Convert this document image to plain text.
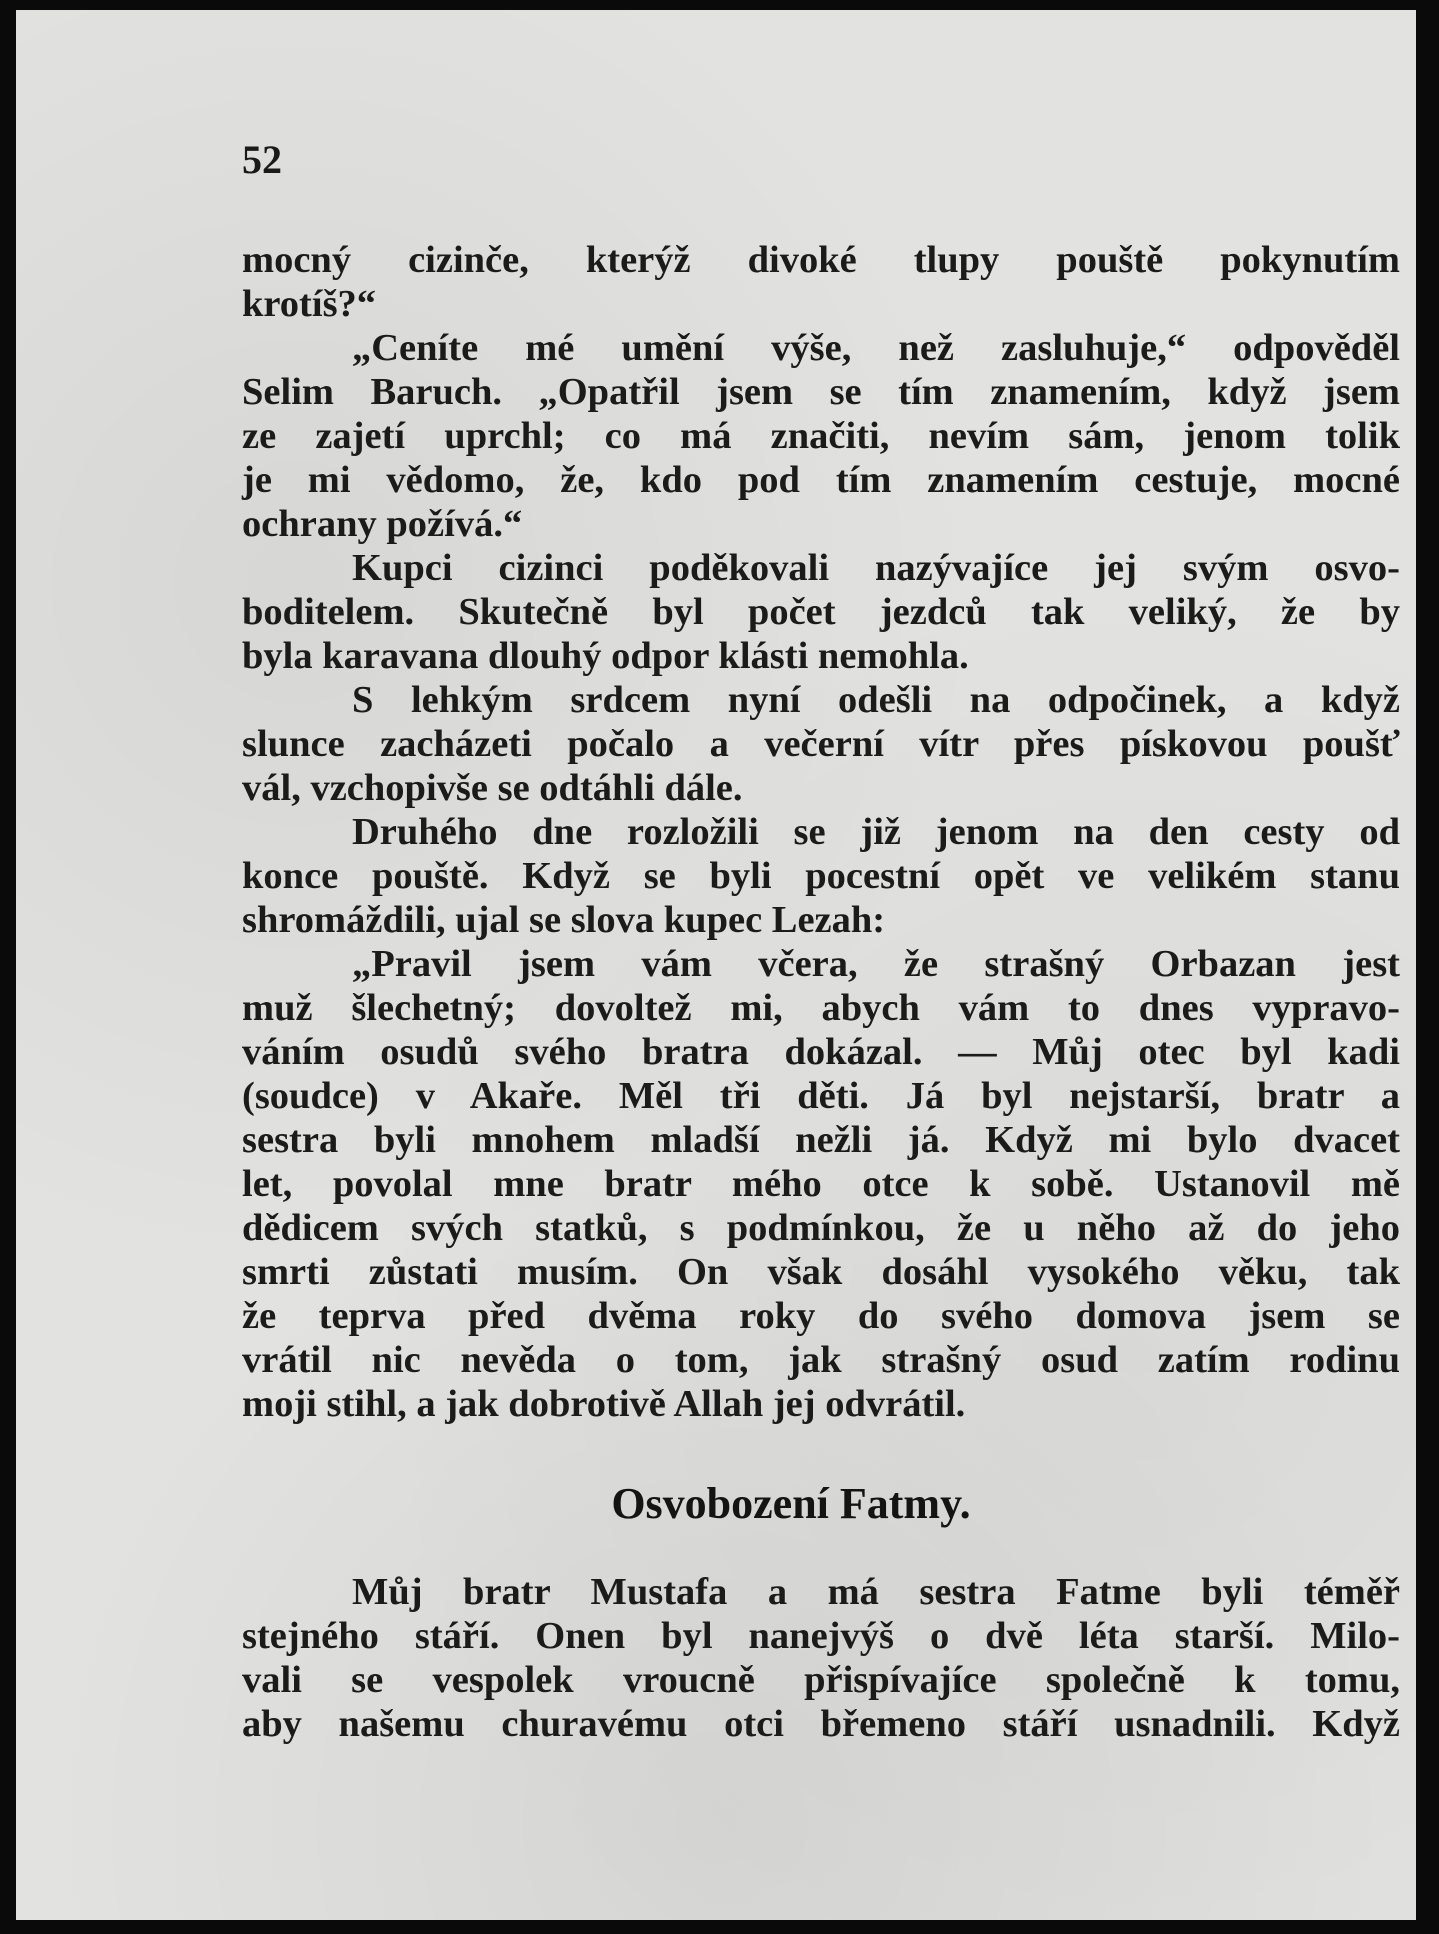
52
mocný cizinče, kterýž divoké tlupy pouště pokynutím
krotíš?“
„Ceníte mé umění výše, než zasluhuje,“ odpověděl
Selim Baruch. „Opatřil jsem se tím znamením, když jsem
ze zajetí uprchl; co má značiti, nevím sám, jenom tolik
je mi vědomo, že, kdo pod tím znamením cestuje, mocné
ochrany požívá.“
Kupci cizinci poděkovali nazývajíce jej svým osvo-
boditelem. Skutečně byl počet jezdců tak veliký, že by
byla karavana dlouhý odpor klásti nemohla.
S lehkým srdcem nyní odešli na odpočinek, a když
slunce zacházeti počalo a večerní vítr přes pískovou poušť
vál, vzchopivše se odtáhli dále.
Druhého dne rozložili se již jenom na den cesty od
konce pouště. Když se byli pocestní opět ve velikém stanu
shromáždili, ujal se slova kupec Lezah:
„Pravil jsem vám včera, že strašný Orbazan jest
muž šlechetný; dovoltež mi, abych vám to dnes vypravo-
váním osudů svého bratra dokázal. — Můj otec byl kadi
(soudce) v Akaře. Měl tři děti. Já byl nejstarší, bratr a
sestra byli mnohem mladší nežli já. Když mi bylo dvacet
let, povolal mne bratr mého otce k sobě. Ustanovil mě
dědicem svých statků, s podmínkou, že u něho až do jeho
smrti zůstati musím. On však dosáhl vysokého věku, tak
že teprva před dvěma roky do svého domova jsem se
vrátil nic nevěda o tom, jak strašný osud zatím rodinu
moji stihl, a jak dobrotivě Allah jej odvrátil.
Osvobození Fatmy.
Můj bratr Mustafa a má sestra Fatme byli téměř
stejného stáří. Onen byl nanejvýš o dvě léta starší. Milo-
vali se vespolek vroucně přispívajíce společně k tomu,
aby našemu churavému otci břemeno stáří usnadnili. Když
